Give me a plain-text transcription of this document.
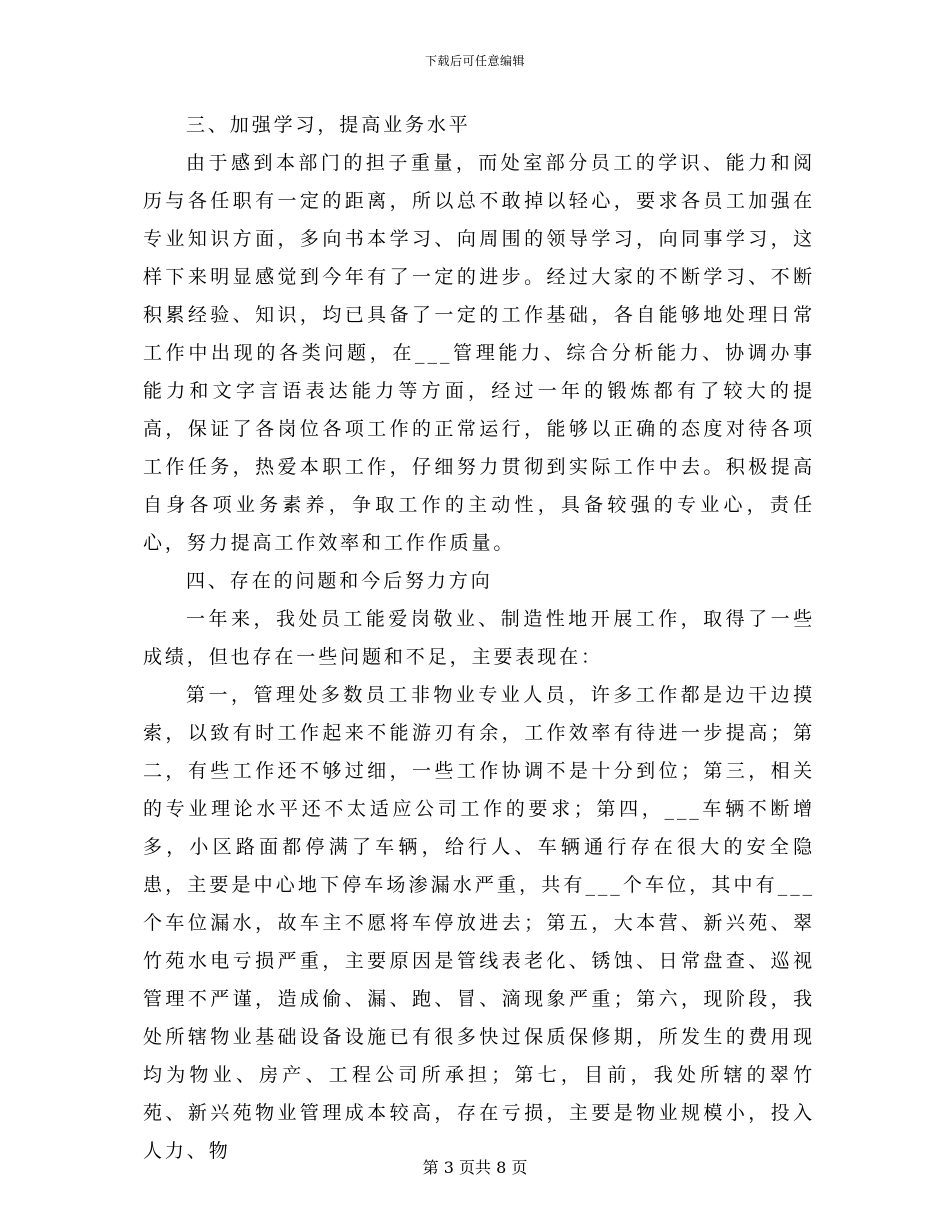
下载后可任意编辑

三、加强学习，提高业务水平

由于感到本部门的担子重量，而处室部分员工的学识、能力和阅历与各任职有一定的距离，所以总不敢掉以轻心，要求各员工加强在专业知识方面，多向书本学习、向周围的领导学习，向同事学习，这样下来明显感觉到今年有了一定的进步。经过大家的不断学习、不断积累经验、知识，均已具备了一定的工作基础，各自能够地处理日常工作中出现的各类问题，在___管理能力、综合分析能力、协调办事能力和文字言语表达能力等方面，经过一年的锻炼都有了较大的提高，保证了各岗位各项工作的正常运行，能够以正确的态度对待各项工作任务，热爱本职工作，仔细努力贯彻到实际工作中去。积极提高自身各项业务素养，争取工作的主动性，具备较强的专业心，责任心，努力提高工作效率和工作作质量。

四、存在的问题和今后努力方向

一年来，我处员工能爱岗敬业、制造性地开展工作，取得了一些成绩，但也存在一些问题和不足，主要表现在：

第一，管理处多数员工非物业专业人员，许多工作都是边干边摸索，以致有时工作起来不能游刃有余，工作效率有待进一步提高；第二，有些工作还不够过细，一些工作协调不是十分到位；第三，相关的专业理论水平还不太适应公司工作的要求；第四，___车辆不断增多，小区路面都停满了车辆，给行人、车辆通行存在很大的安全隐患，主要是中心地下停车场渗漏水严重，共有___个车位，其中有___个车位漏水，故车主不愿将车停放进去；第五，大本营、新兴苑、翠竹苑水电亏损严重，主要原因是管线表老化、锈蚀、日常盘查、巡视管理不严谨，造成偷、漏、跑、冒、滴现象严重；第六，现阶段，我处所辖物业基础设备设施已有很多快过保质保修期，所发生的费用现均为物业、房产、工程公司所承担；第七，目前，我处所辖的翠竹苑、新兴苑物业管理成本较高，存在亏损，主要是物业规模小，投入人力、物

第 3 页共 8 页
